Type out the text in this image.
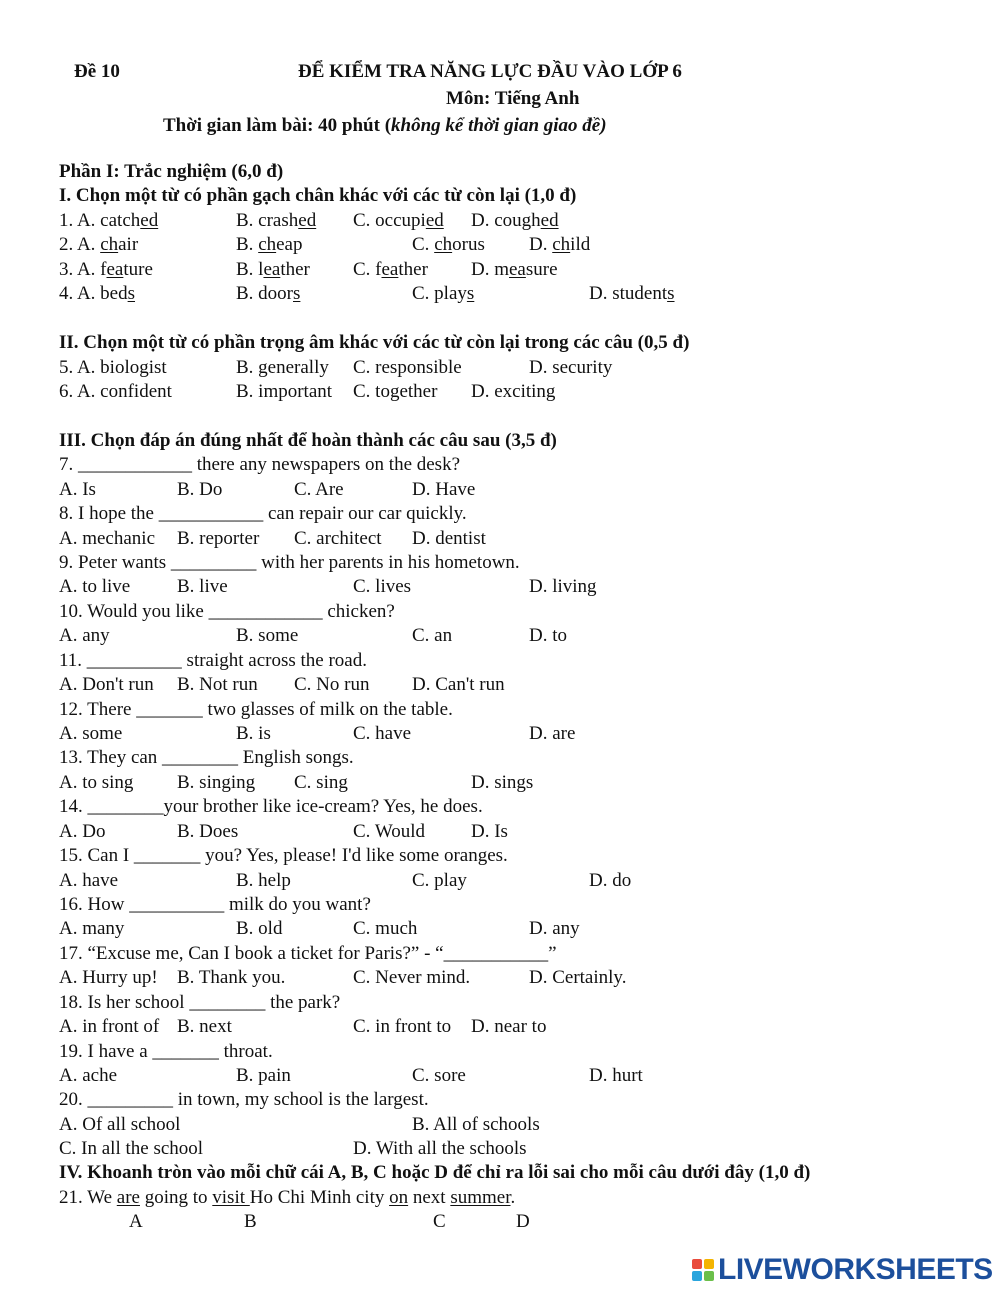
Đề 10	ĐỂ KIỂM TRA NĂNG LỰC ĐẦU VÀO LỚP 6
Môn: Tiếng Anh
Thời gian làm bài: 40 phút (không kể thời gian giao đề)
Phần I: Trắc nghiệm (6,0 đ)
I. Chọn một từ có phần gạch chân khác với các từ còn lại (1,0 đ)
1. A. catched	B. crashed C. occupied D. coughed
2. A. chair	B. cheap	C. chorus D. child
3. A. feature	B. leather C. feather D. measure
4. A. beds	B. doors	C. plays	D. students
II. Chọn một từ có phần trọng âm khác với các từ còn lại trong các câu (0,5 đ)
5. A. biologist	B. generally C. responsible	D. security
6. A. confident	B. important C. together D. exciting
III. Chọn đáp án đúng nhất để hoàn thành các câu sau (3,5 đ)
7. ____________ there any newspapers on the desk?
A. Is	B. Do	C. Are	D. Have
8. I hope the ___________ can repair our car quickly.
A. mechanic B. reporter C. architect D. dentist
9. Peter wants _________ with her parents in his hometown.
A. to live B. live	C. lives	D. living
10. Would you like ____________ chicken?
A. any	B. some	C. an	D. to
11. __________ straight across the road.
A. Don't run B. Not run C. No run D. Can't run
12. There _______ two glasses of milk on the table.
A. some	B. is	C. have	D. are
13. They can ________ English songs.
A. to sing B. singing C. sing	D. sings
14. ________your brother like ice-cream? Yes, he does.
A. Do	B. Does	C. Would D. Is
15. Can I _______ you? Yes, please! I'd like some oranges.
A. have	B. help	C. play	D. do
16. How __________ milk do you want?
A. many	B. old	C. much	D. any
17. “Excuse me, Can I book a ticket for Paris?” - “___________”
A. Hurry up! B. Thank you.	C. Never mind.	D. Certainly.
18. Is her school ________ the park?
A. in front of B. next	C. in front to D. near to
19. I have a _______ throat.
A. ache	B. pain	C. sore	D. hurt
20. _________ in town, my school is the largest.
A. Of all school	B. All of schools
C. In all the school	D. With all the schools
IV. Khoanh tròn vào mỗi chữ cái A, B, C hoặc D để chỉ ra lỗi sai cho mỗi câu dưới đây (1,0 đ)
21. We are going to visit Ho Chi Minh city on next summer.
A	B	C	D
LIVEWORKSHEETS
